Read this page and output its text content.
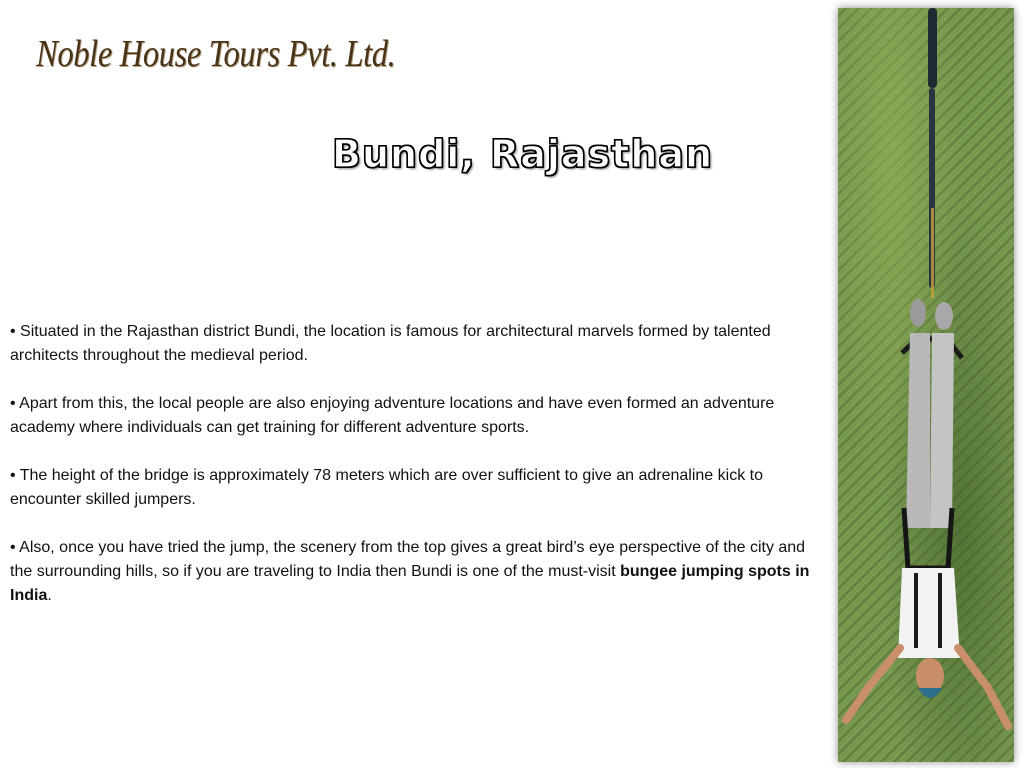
Noble House Tours Pvt. Ltd.
Bundi, Rajasthan

• Situated in the Rajasthan district Bundi, the location is famous for architectural marvels formed by talented architects throughout the medieval period.

• Apart from this, the local people are also enjoying adventure locations and have even formed an adventure academy where individuals can get training for different adventure sports.

• The height of the bridge is approximately 78 meters which are over sufficient to give an adrenaline kick to encounter skilled jumpers.

• Also, once you have tried the jump, the scenery from the top gives a great bird’s eye perspective of the city and the surrounding hills, so if you are traveling to India then Bundi is one of the must-visit bungee jumping spots in India.
